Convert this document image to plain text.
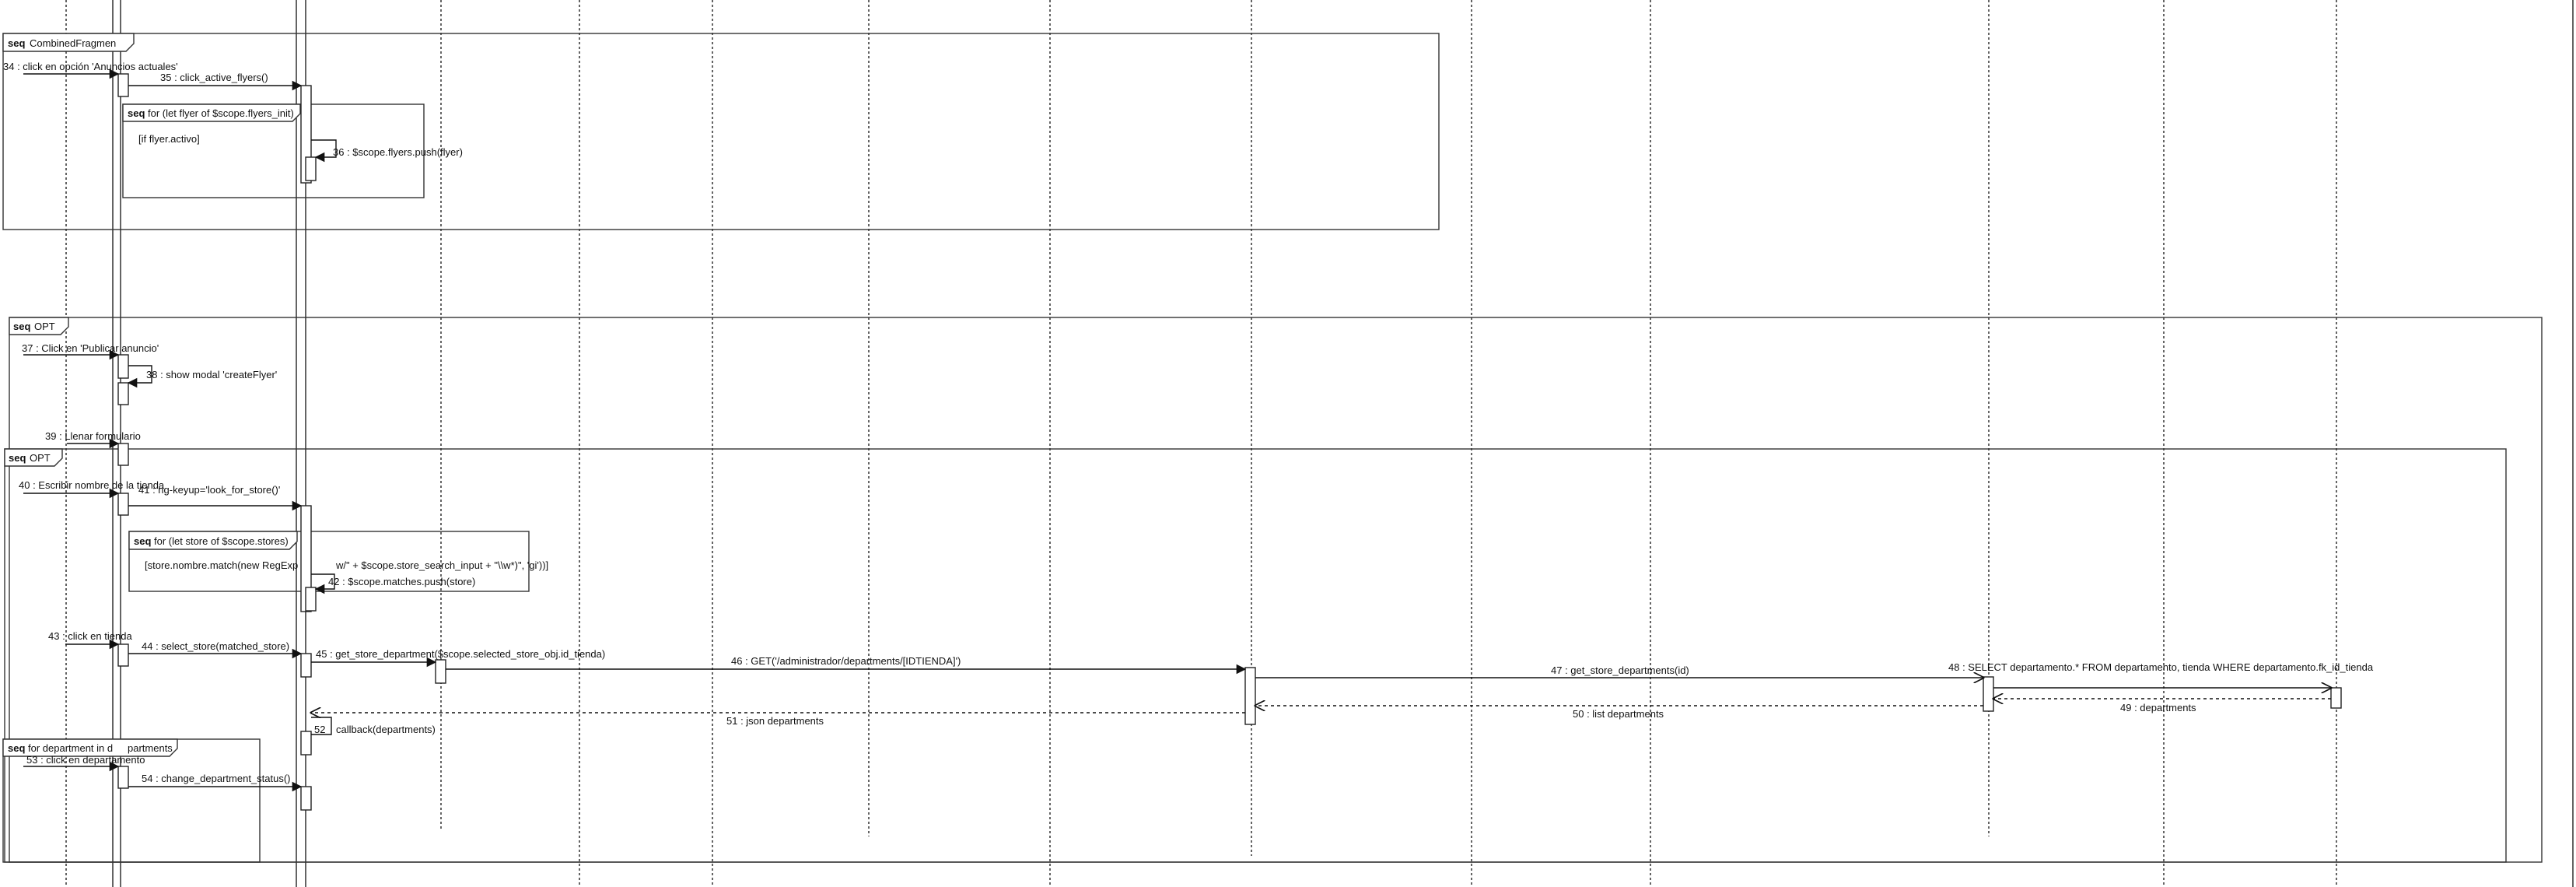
seq CombinedFragmen
seq for (let flyer of $scope.flyers_init)
[if flyer.activo]
seq OPT
seq OPT
seq for (let store of $scope.stores)
[store.nombre.match(new RegExp	w/" + $scope.store_search_input + "\\w*)", 'gi'))]
seq for department in d partments
34 : click en opción 'Anuncios actuales'
35 : click_active_flyers()
36 : $scope.flyers.push(flyer)
37 : Click en 'Publicar anuncio'
38 : show modal 'createFlyer'
39 : Llenar formulario
40 : Escribir nombre de la tienda
41 : ng-keyup='look_for_store()'
42 : $scope.matches.push(store)
43 : click en tienda
44 : select_store(matched_store)
45 : get_store_department($scope.selected_store_obj.id_tienda)
46 : GET('/administrador/departments/[IDTIENDA]')
47 : get_store_departments(id)	48 : SELECT departamento.* FROM departamento, tienda WHERE departamento.fk_id_tienda
49 : departments
50 : list departments
51 : json departments
52 callback(departments)
53 : click en departamento
54 : change_department_status()
